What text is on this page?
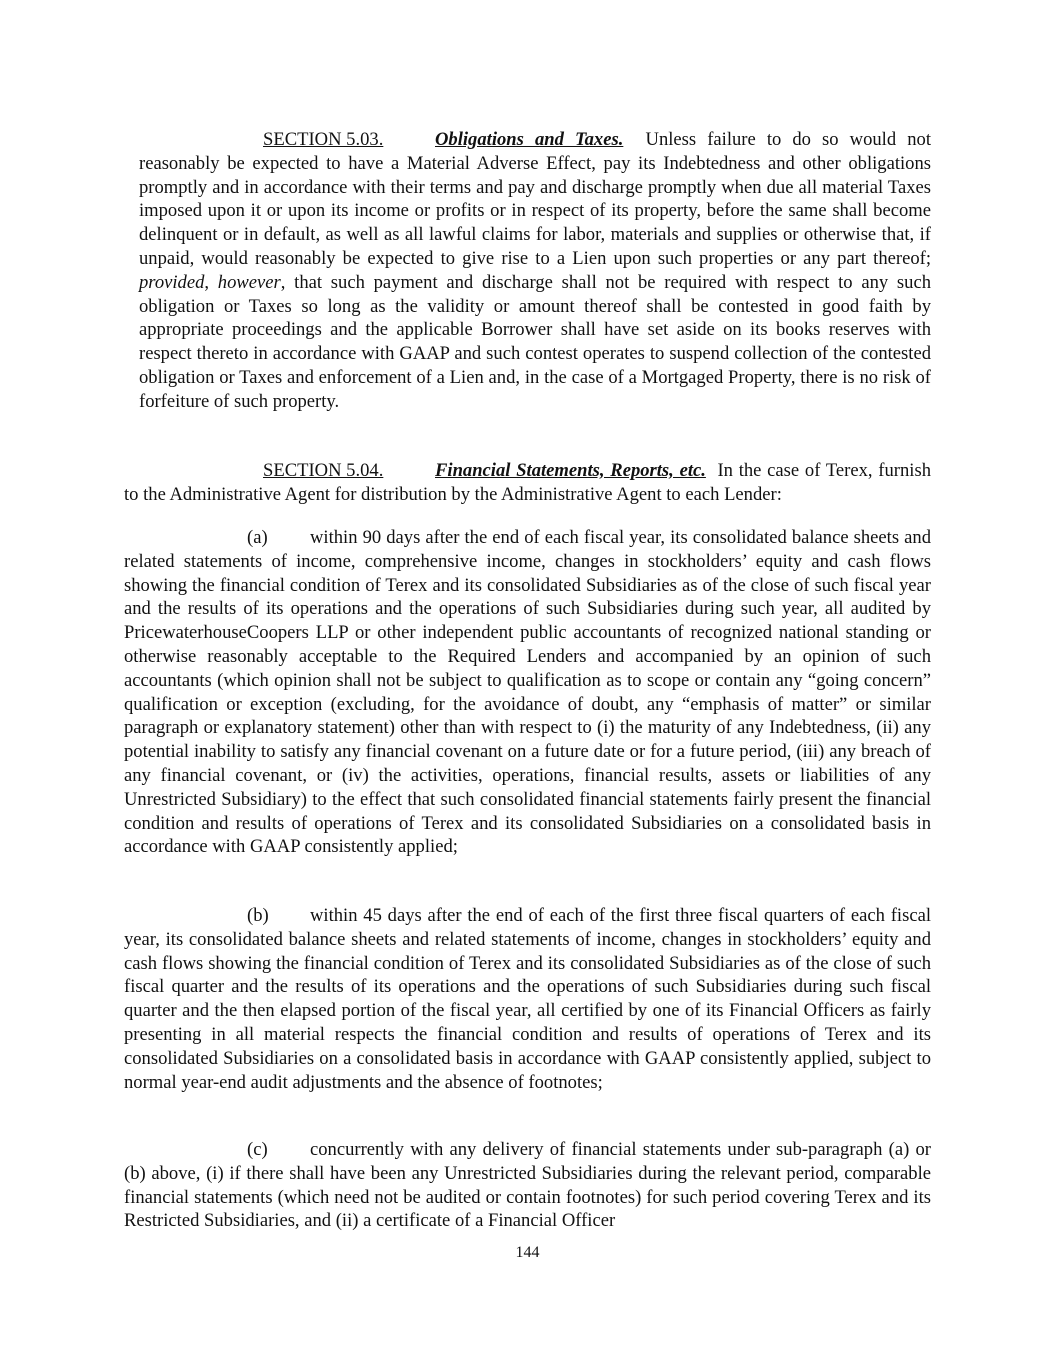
SECTION 5.03.	Obligations and Taxes. Unless failure to do so would not reasonably be expected to have a Material Adverse Effect, pay its Indebtedness and other obligations promptly and in accordance with their terms and pay and discharge promptly when due all material Taxes imposed upon it or upon its income or profits or in respect of its property, before the same shall become delinquent or in default, as well as all lawful claims for labor, materials and supplies or otherwise that, if unpaid, would reasonably be expected to give rise to a Lien upon such properties or any part thereof; provided, however, that such payment and discharge shall not be required with respect to any such obligation or Taxes so long as the validity or amount thereof shall be contested in good faith by appropriate proceedings and the applicable Borrower shall have set aside on its books reserves with respect thereto in accordance with GAAP and such contest operates to suspend collection of the contested obligation or Taxes and enforcement of a Lien and, in the case of a Mortgaged Property, there is no risk of forfeiture of such property.

SECTION 5.04.	Financial Statements, Reports, etc. In the case of Terex, furnish to the Administrative Agent for distribution by the Administrative Agent to each Lender:

(a) within 90 days after the end of each fiscal year, its consolidated balance sheets and related statements of income, comprehensive income, changes in stockholders’ equity and cash flows showing the financial condition of Terex and its consolidated Subsidiaries as of the close of such fiscal year and the results of its operations and the operations of such Subsidiaries during such year, all audited by PricewaterhouseCoopers LLP or other independent public accountants of recognized national standing or otherwise reasonably acceptable to the Required Lenders and accompanied by an opinion of such accountants (which opinion shall not be subject to qualification as to scope or contain any “going concern” qualification or exception (excluding, for the avoidance of doubt, any “emphasis of matter” or similar paragraph or explanatory statement) other than with respect to (i) the maturity of any Indebtedness, (ii) any potential inability to satisfy any financial covenant on a future date or for a future period, (iii) any breach of any financial covenant, or (iv) the activities, operations, financial results, assets or liabilities of any Unrestricted Subsidiary) to the effect that such consolidated financial statements fairly present the financial condition and results of operations of Terex and its consolidated Subsidiaries on a consolidated basis in accordance with GAAP consistently applied;

(b) within 45 days after the end of each of the first three fiscal quarters of each fiscal year, its consolidated balance sheets and related statements of income, changes in stockholders’ equity and cash flows showing the financial condition of Terex and its consolidated Subsidiaries as of the close of such fiscal quarter and the results of its operations and the operations of such Subsidiaries during such fiscal quarter and the then elapsed portion of the fiscal year, all certified by one of its Financial Officers as fairly presenting in all material respects the financial condition and results of operations of Terex and its consolidated Subsidiaries on a consolidated basis in accordance with GAAP consistently applied, subject to normal year-end audit adjustments and the absence of footnotes;

(c) concurrently with any delivery of financial statements under sub-paragraph (a) or (b) above, (i) if there shall have been any Unrestricted Subsidiaries during the relevant period, comparable financial statements (which need not be audited or contain footnotes) for such period covering Terex and its Restricted Subsidiaries, and (ii) a certificate of a Financial Officer

144
